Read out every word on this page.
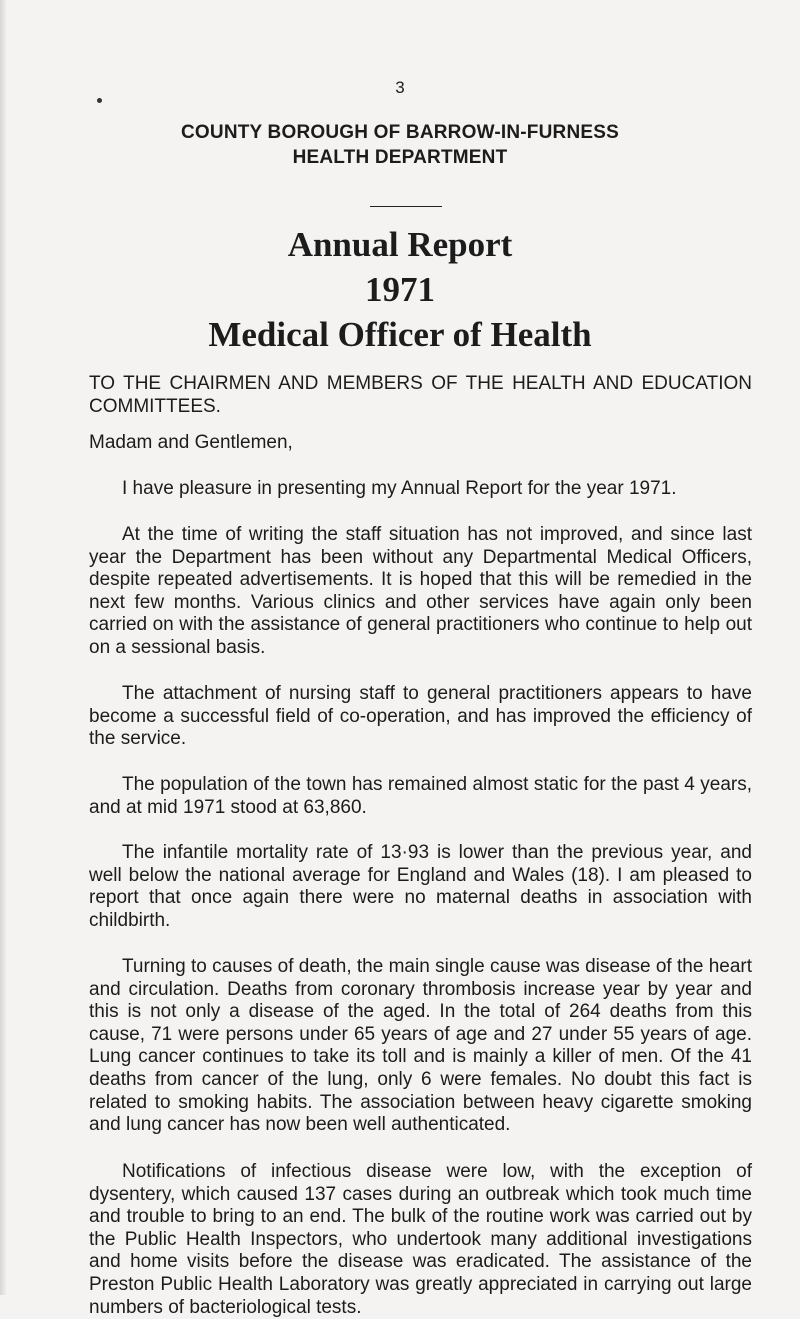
3
COUNTY BOROUGH OF BARROW-IN-FURNESS
HEALTH DEPARTMENT
Annual Report
1971
Medical Officer of Health

TO THE CHAIRMEN AND MEMBERS OF THE HEALTH AND EDUCATION COMMITTEES.

Madam and Gentlemen,

I have pleasure in presenting my Annual Report for the year 1971.

At the time of writing the staff situation has not improved, and since last year the Department has been without any Departmental Medical Officers, despite repeated advertisements. It is hoped that this will be remedied in the next few months. Various clinics and other services have again only been carried on with the assistance of general practitioners who continue to help out on a sessional basis.

The attachment of nursing staff to general practitioners appears to have become a successful field of co-operation, and has improved the efficiency of the service.

The population of the town has remained almost static for the past 4 years, and at mid 1971 stood at 63,860.

The infantile mortality rate of 13·93 is lower than the previous year, and well below the national average for England and Wales (18). I am pleased to report that once again there were no maternal deaths in association with childbirth.

Turning to causes of death, the main single cause was disease of the heart and circulation. Deaths from coronary thrombosis increase year by year and this is not only a disease of the aged. In the total of 264 deaths from this cause, 71 were persons under 65 years of age and 27 under 55 years of age. Lung cancer continues to take its toll and is mainly a killer of men. Of the 41 deaths from cancer of the lung, only 6 were females. No doubt this fact is related to smoking habits. The association between heavy cigarette smoking and lung cancer has now been well authenticated.

Notifications of infectious disease were low, with the exception of dysentery, which caused 137 cases during an outbreak which took much time and trouble to bring to an end. The bulk of the routine work was carried out by the Public Health Inspectors, who undertook many additional investigations and home visits before the disease was eradicated. The assistance of the Preston Public Health Laboratory was greatly appreciated in carrying out large numbers of bacteriological tests.
